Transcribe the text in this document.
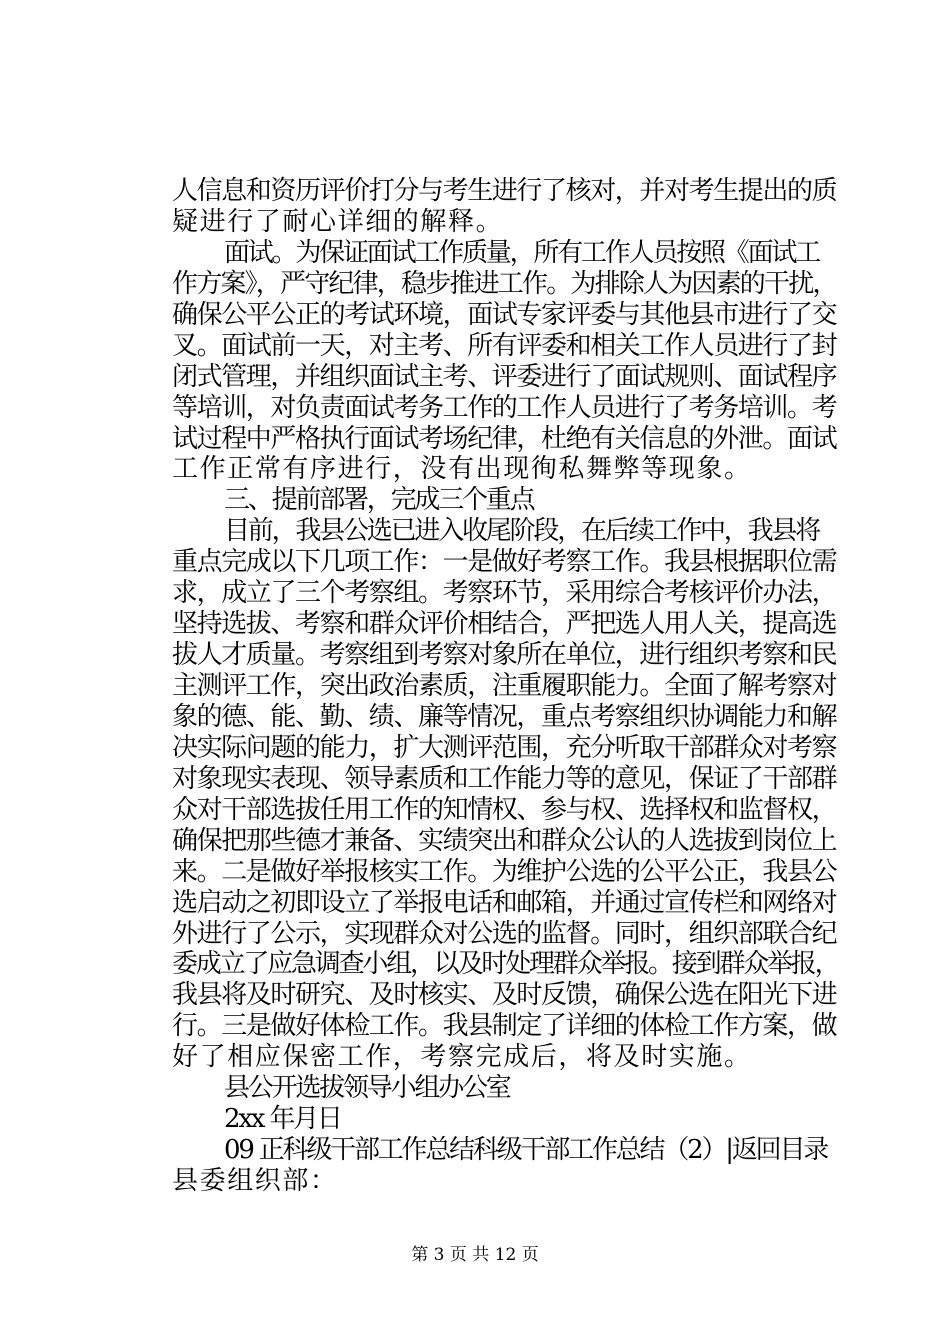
人信息和资历评价打分与考生进行了核对，并对考生提出的质
疑进行了耐心详细的解释。
面试。为保证面试工作质量，所有工作人员按照《面试工
作方案》，严守纪律，稳步推进工作。为排除人为因素的干扰，
确保公平公正的考试环境，面试专家评委与其他县市进行了交
叉。面试前一天，对主考、所有评委和相关工作人员进行了封
闭式管理，并组织面试主考、评委进行了面试规则、面试程序
等培训，对负责面试考务工作的工作人员进行了考务培训。考
试过程中严格执行面试考场纪律，杜绝有关信息的外泄。面试
工作正常有序进行，没有出现徇私舞弊等现象。
三、提前部署，完成三个重点
目前，我县公选已进入收尾阶段，在后续工作中，我县将
重点完成以下几项工作：一是做好考察工作。我县根据职位需
求，成立了三个考察组。考察环节，采用综合考核评价办法，
坚持选拔、考察和群众评价相结合，严把选人用人关，提高选
拔人才质量。考察组到考察对象所在单位，进行组织考察和民
主测评工作，突出政治素质，注重履职能力。全面了解考察对
象的德、能、勤、绩、廉等情况，重点考察组织协调能力和解
决实际问题的能力，扩大测评范围，充分听取干部群众对考察
对象现实表现、领导素质和工作能力等的意见，保证了干部群
众对干部选拔任用工作的知情权、参与权、选择权和监督权，
确保把那些德才兼备、实绩突出和群众公认的人选拔到岗位上
来。二是做好举报核实工作。为维护公选的公平公正，我县公
选启动之初即设立了举报电话和邮箱，并通过宣传栏和网络对
外进行了公示，实现群众对公选的监督。同时，组织部联合纪
委成立了应急调查小组，以及时处理群众举报。接到群众举报，
我县将及时研究、及时核实、及时反馈，确保公选在阳光下进
行。三是做好体检工作。我县制定了详细的体检工作方案，做
好了相应保密工作，考察完成后，将及时实施。
县公开选拔领导小组办公室
2xx 年月日
09 正科级干部工作总结科级干部工作总结（2）|返回目录
县委组织部：
第 3 页 共 12 页
